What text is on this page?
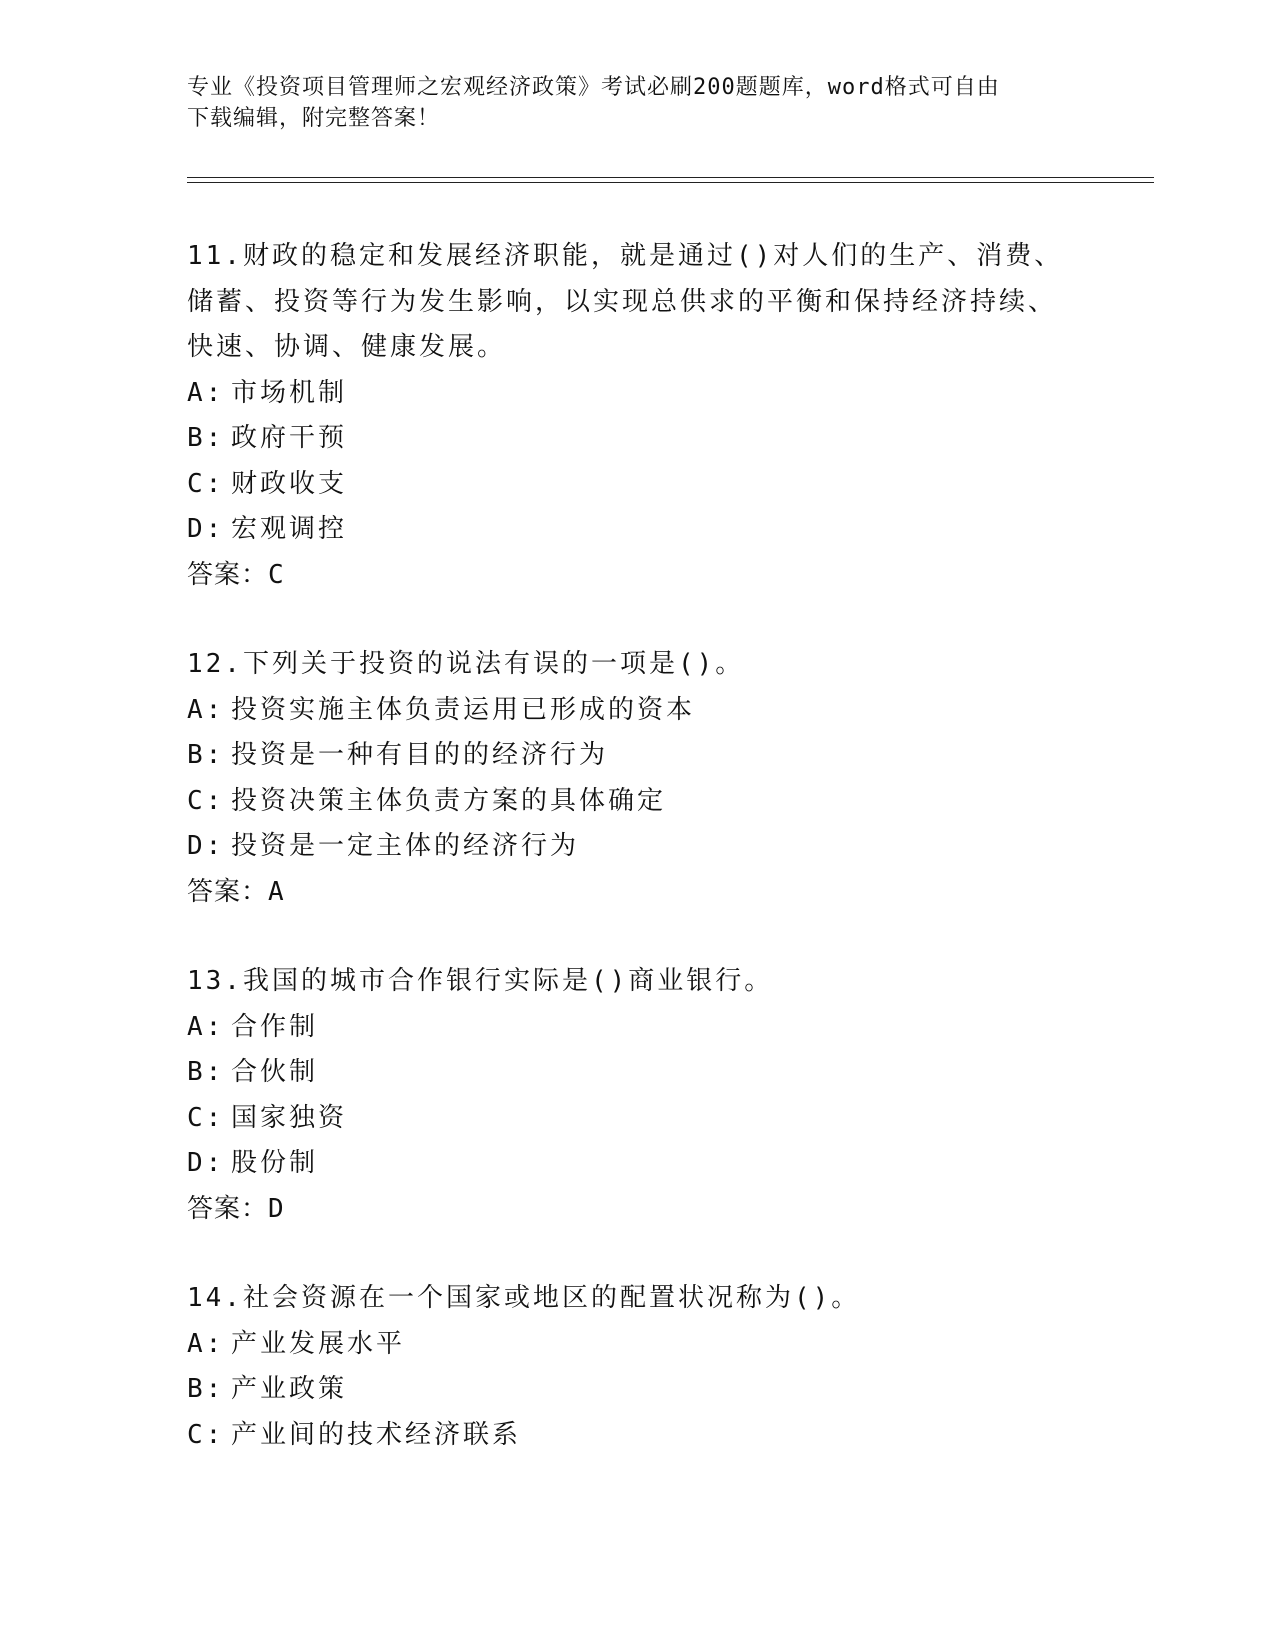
专业《投资项目管理师之宏观经济政策》考试必刷200题题库，word格式可自由
下载编辑，附完整答案！
11.财政的稳定和发展经济职能，就是通过()对人们的生产、消费、储蓄、投资等行为发生影响，以实现总供求的平衡和保持经济持续、快速、协调、健康发展。
A: 市场机制
B: 政府干预
C: 财政收支
D: 宏观调控
答案：C
12.下列关于投资的说法有误的一项是()。
A: 投资实施主体负责运用已形成的资本
B: 投资是一种有目的的经济行为
C: 投资决策主体负责方案的具体确定
D: 投资是一定主体的经济行为
答案：A
13.我国的城市合作银行实际是()商业银行。
A: 合作制
B: 合伙制
C: 国家独资
D: 股份制
答案：D
14.社会资源在一个国家或地区的配置状况称为()。
A: 产业发展水平
B: 产业政策
C: 产业间的技术经济联系
